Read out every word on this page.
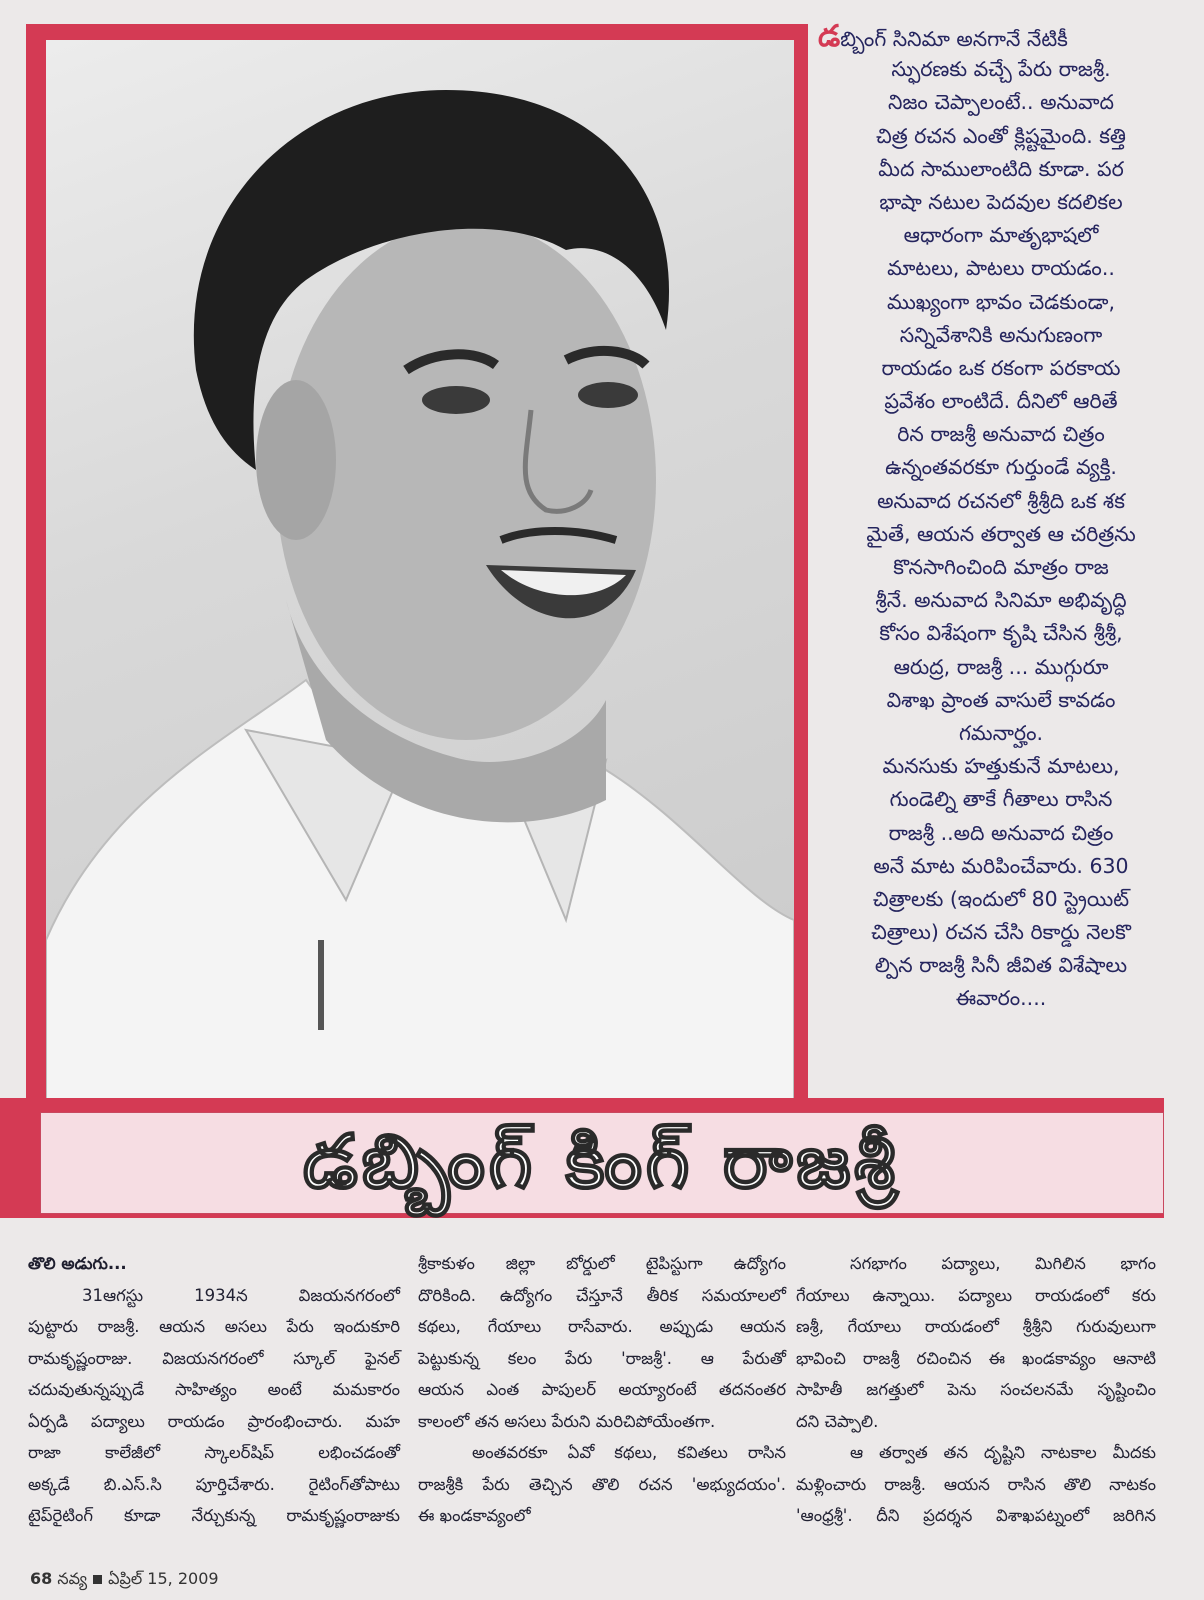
డబ్బింగ్ సినిమా అనగానే నేటికీ
స్ఫురణకు వచ్చే పేరు రాజశ్రీ.
నిజం చెప్పాలంటే.. అనువాద
చిత్ర రచన ఎంతో క్లిష్టమైంది. కత్తి
మీద సాములాంటిది కూడా. పర
భాషా నటుల పెదవుల కదలికల
ఆధారంగా మాతృభాషలో
మాటలు, పాటలు రాయడం..
ముఖ్యంగా భావం చెడకుండా,
సన్నివేశానికి అనుగుణంగా
రాయడం ఒక రకంగా పరకాయ
ప్రవేశం లాంటిదే. దీనిలో ఆరితే
రిన రాజశ్రీ అనువాద చిత్రం
ఉన్నంతవరకూ గుర్తుండే వ్యక్తి.
అనువాద రచనలో శ్రీశ్రీది ఒక శక
మైతే, ఆయన తర్వాత ఆ చరిత్రను
కొనసాగించింది మాత్రం రాజ
శ్రీనే. అనువాద సినిమా అభివృద్ధి
కోసం విశేషంగా కృషి చేసిన శ్రీశ్రీ,
ఆరుద్ర, రాజశ్రీ ... ముగ్గురూ
విశాఖ ప్రాంత వాసులే కావడం
గమనార్హం.
మనసుకు హత్తుకునే మాటలు,
గుండెల్ని తాకే గీతాలు రాసిన
రాజశ్రీ ..అది అనువాద చిత్రం
అనే మాట మరిపించేవారు. 630
చిత్రాలకు (ఇందులో 80 స్ట్రెయిట్
చిత్రాలు) రచన చేసి రికార్డు నెలకొ
ల్పిన రాజశ్రీ సినీ జీవిత విశేషాలు
ఈవారం....
డబ్బింగ్ కింగ్ రాజశ్రీ
తొలి అడుగు...
31ఆగస్టు 1934న విజయనగరంలో
పుట్టారు రాజశ్రీ. ఆయన అసలు పేరు ఇందుకూరి
రామకృష్ణంరాజు. విజయనగరంలో స్కూల్ ఫైనల్
చదువుతున్నప్పుడే సాహిత్యం అంటే మమకారం
ఏర్పడి పద్యాలు రాయడం ప్రారంభించారు. మహ
రాజా కాలేజీలో స్కాలర్‌షిప్ లభించడంతో
అక్కడే బి.ఎస్.సి పూర్తిచేశారు. రైటింగ్‌తోపాటు
టైప్‌రైటింగ్ కూడా నేర్చుకున్న రామకృష్ణంరాజుకు
శ్రీకాకుళం జిల్లా బోర్డులో టైపిస్టుగా ఉద్యోగం
దొరికింది. ఉద్యోగం చేస్తూనే తీరిక సమయాలలో
కథలు, గేయాలు రాసేవారు. అప్పుడు ఆయన
పెట్టుకున్న కలం పేరు 'రాజశ్రీ'. ఆ పేరుతో
ఆయన ఎంత పాపులర్ అయ్యారంటే తదనంతర
కాలంలో తన అసలు పేరుని మరిచిపోయేంతగా.
అంతవరకూ ఏవో కథలు, కవితలు రాసిన
రాజశ్రీకి పేరు తెచ్చిన తొలి రచన 'అభ్యుదయం'.
ఈ ఖండకావ్యంలో
సగభాగం పద్యాలు, మిగిలిన భాగం
గేయాలు ఉన్నాయి. పద్యాలు రాయడంలో కరు
ణశ్రీ, గేయాలు రాయడంలో శ్రీశ్రీని గురువులుగా
భావించి రాజశ్రీ రచించిన ఈ ఖండకావ్యం ఆనాటి
సాహితీ జగత్తులో పెను సంచలనమే సృష్టించిం
దని చెప్పాలి.
ఆ తర్వాత తన దృష్టిని నాటకాల మీదకు
మళ్లించారు రాజశ్రీ. ఆయన రాసిన తొలి నాటకం
'ఆంధ్రశ్రీ'. దీని ప్రదర్శన విశాఖపట్నంలో జరిగిన
68 నవ్య ఏప్రిల్ 15, 2009
